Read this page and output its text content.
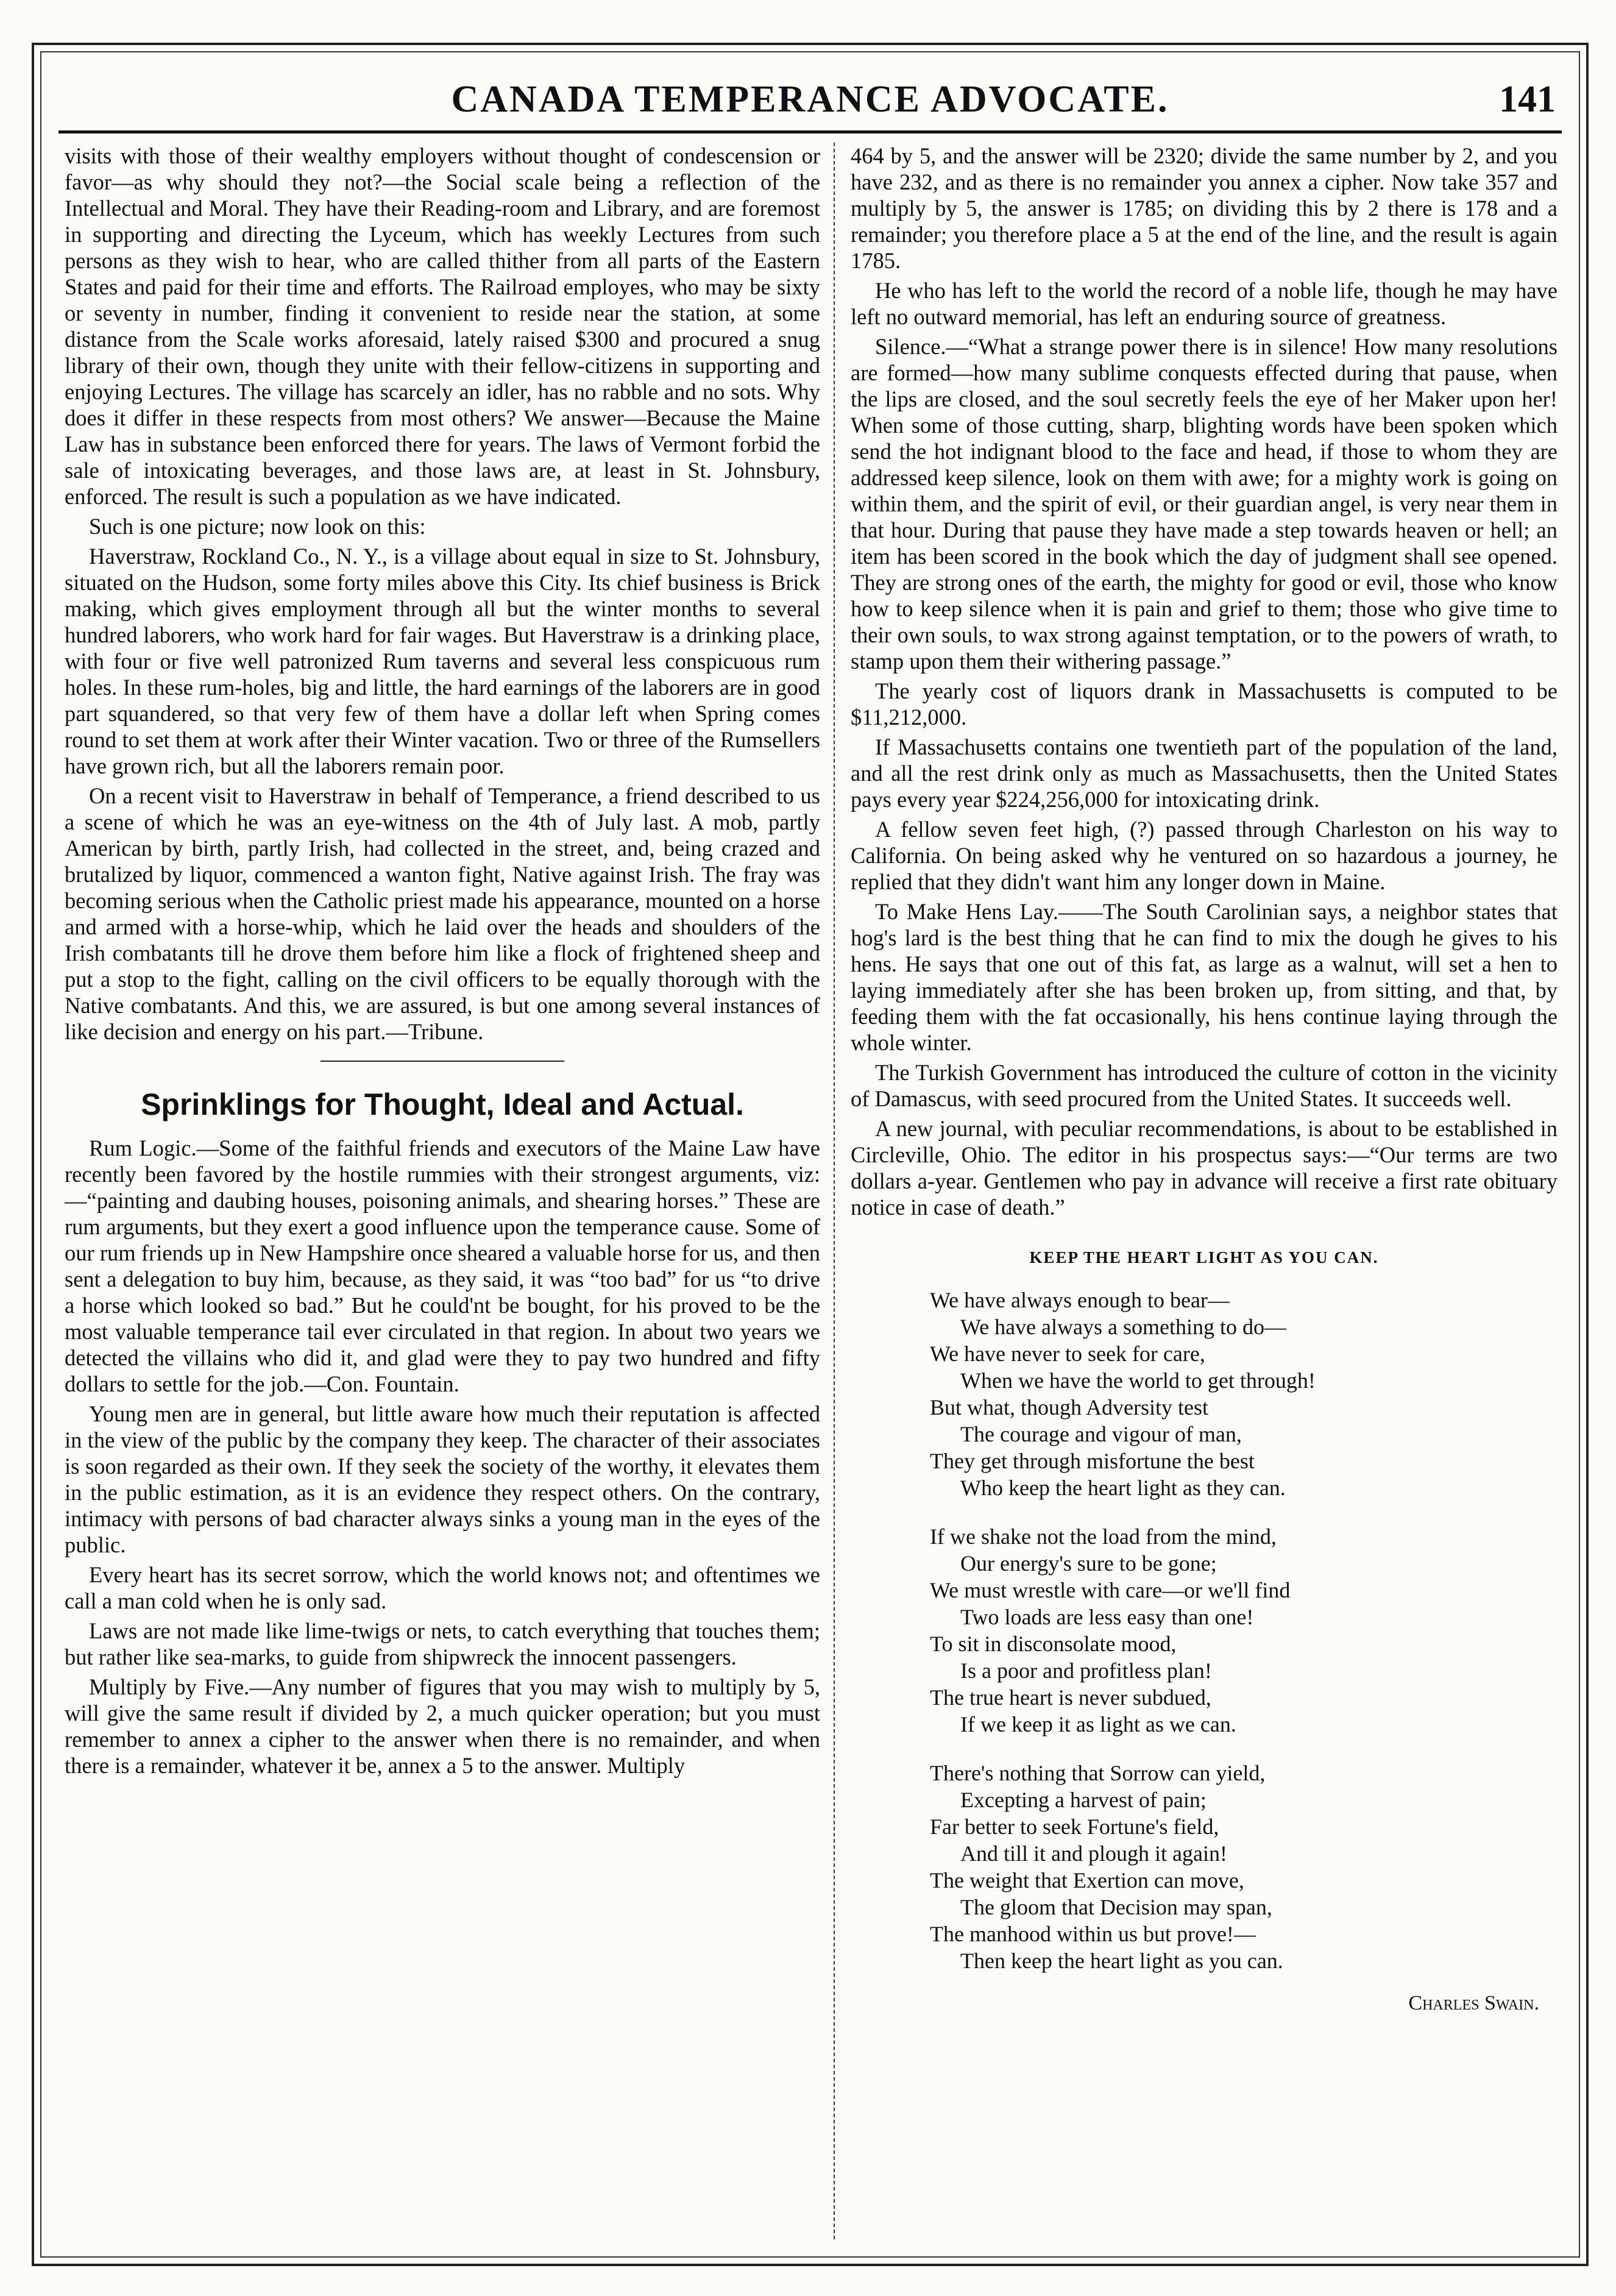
CANADA TEMPERANCE ADVOCATE.	141

visits with those of their wealthy employers without thought of condescension or favor—as why should they not?—the Social scale being a reflection of the Intellectual and Moral. They have their Reading-room and Library, and are foremost in supporting and directing the Lyceum, which has weekly Lectures from such persons as they wish to hear, who are called thither from all parts of the Eastern States and paid for their time and efforts. The Railroad employes, who may be sixty or seventy in number, finding it convenient to reside near the station, at some distance from the Scale works aforesaid, lately raised $300 and procured a snug library of their own, though they unite with their fellow-citizens in supporting and enjoying Lectures. The village has scarcely an idler, has no rabble and no sots. Why does it differ in these respects from most others? We answer—Because the Maine Law has in substance been enforced there for years. The laws of Vermont forbid the sale of intoxicating beverages, and those laws are, at least in St. Johnsbury, enforced. The result is such a population as we have indicated.

Such is one picture; now look on this:

Haverstraw, Rockland Co., N. Y., is a village about equal in size to St. Johnsbury, situated on the Hudson, some forty miles above this City. Its chief business is Brick making, which gives employment through all but the winter months to several hundred laborers, who work hard for fair wages. But Haverstraw is a drinking place, with four or five well patronized Rum taverns and several less conspicuous rum holes. In these rum-holes, big and little, the hard earnings of the laborers are in good part squandered, so that very few of them have a dollar left when Spring comes round to set them at work after their Winter vacation. Two or three of the Rumsellers have grown rich, but all the laborers remain poor.

On a recent visit to Haverstraw in behalf of Temperance, a friend described to us a scene of which he was an eye-witness on the 4th of July last. A mob, partly American by birth, partly Irish, had collected in the street, and, being crazed and brutalized by liquor, commenced a wanton fight, Native against Irish. The fray was becoming serious when the Catholic priest made his appearance, mounted on a horse and armed with a horse-whip, which he laid over the heads and shoulders of the Irish combatants till he drove them before him like a flock of frightened sheep and put a stop to the fight, calling on the civil officers to be equally thorough with the Native combatants. And this, we are assured, is but one among several instances of like decision and energy on his part.—Tribune.

Sprinklings for Thought, Ideal and Actual.

Rum Logic.—Some of the faithful friends and executors of the Maine Law have recently been favored by the hostile rummies with their strongest arguments, viz:—“painting and daubing houses, poisoning animals, and shearing horses.” These are rum arguments, but they exert a good influence upon the temperance cause. Some of our rum friends up in New Hampshire once sheared a valuable horse for us, and then sent a delegation to buy him, because, as they said, it was “too bad” for us “to drive a horse which looked so bad.” But he could'nt be bought, for his proved to be the most valuable temperance tail ever circulated in that region. In about two years we detected the villains who did it, and glad were they to pay two hundred and fifty dollars to settle for the job.—Con. Fountain.

Young men are in general, but little aware how much their reputation is affected in the view of the public by the company they keep. The character of their associates is soon regarded as their own. If they seek the society of the worthy, it elevates them in the public estimation, as it is an evidence they respect others. On the contrary, intimacy with persons of bad character always sinks a young man in the eyes of the public.

Every heart has its secret sorrow, which the world knows not; and oftentimes we call a man cold when he is only sad.

Laws are not made like lime-twigs or nets, to catch everything that touches them; but rather like sea-marks, to guide from shipwreck the innocent passengers.

Multiply by Five.—Any number of figures that you may wish to multiply by 5, will give the same result if divided by 2, a much quicker operation; but you must remember to annex a cipher to the answer when there is no remainder, and when there is a remainder, whatever it be, annex a 5 to the answer. Multiply

464 by 5, and the answer will be 2320; divide the same number by 2, and you have 232, and as there is no remainder you annex a cipher. Now take 357 and multiply by 5, the answer is 1785; on dividing this by 2 there is 178 and a remainder; you therefore place a 5 at the end of the line, and the result is again 1785.

He who has left to the world the record of a noble life, though he may have left no outward memorial, has left an enduring source of greatness.

Silence.—“What a strange power there is in silence! How many resolutions are formed—how many sublime conquests effected during that pause, when the lips are closed, and the soul secretly feels the eye of her Maker upon her! When some of those cutting, sharp, blighting words have been spoken which send the hot indignant blood to the face and head, if those to whom they are addressed keep silence, look on them with awe; for a mighty work is going on within them, and the spirit of evil, or their guardian angel, is very near them in that hour. During that pause they have made a step towards heaven or hell; an item has been scored in the book which the day of judgment shall see opened. They are strong ones of the earth, the mighty for good or evil, those who know how to keep silence when it is pain and grief to them; those who give time to their own souls, to wax strong against temptation, or to the powers of wrath, to stamp upon them their withering passage.”

The yearly cost of liquors drank in Massachusetts is computed to be $11,212,000.

If Massachusetts contains one twentieth part of the population of the land, and all the rest drink only as much as Massachusetts, then the United States pays every year $224,256,000 for intoxicating drink.

A fellow seven feet high, (?) passed through Charleston on his way to California. On being asked why he ventured on so hazardous a journey, he replied that they didn't want him any longer down in Maine.

To Make Hens Lay.——The South Carolinian says, a neighbor states that hog's lard is the best thing that he can find to mix the dough he gives to his hens. He says that one out of this fat, as large as a walnut, will set a hen to laying immediately after she has been broken up, from sitting, and that, by feeding them with the fat occasionally, his hens continue laying through the whole winter.

The Turkish Government has introduced the culture of cotton in the vicinity of Damascus, with seed procured from the United States. It succeeds well.

A new journal, with peculiar recommendations, is about to be established in Circleville, Ohio. The editor in his prospectus says:—“Our terms are two dollars a-year. Gentlemen who pay in advance will receive a first rate obituary notice in case of death.”

KEEP THE HEART LIGHT AS YOU CAN.
We have always enough to bear—
We have always a something to do—
We have never to seek for care,
When we have the world to get through!
But what, though Adversity test
The courage and vigour of man,
They get through misfortune the best
Who keep the heart light as they can.
If we shake not the load from the mind,
Our energy's sure to be gone;
We must wrestle with care—or we'll find
Two loads are less easy than one!
To sit in disconsolate mood,
Is a poor and profitless plan!
The true heart is never subdued,
If we keep it as light as we can.
There's nothing that Sorrow can yield,
Excepting a harvest of pain;
Far better to seek Fortune's field,
And till it and plough it again!
The weight that Exertion can move,
The gloom that Decision may span,
The manhood within us but prove!—
Then keep the heart light as you can.
Charles Swain.
